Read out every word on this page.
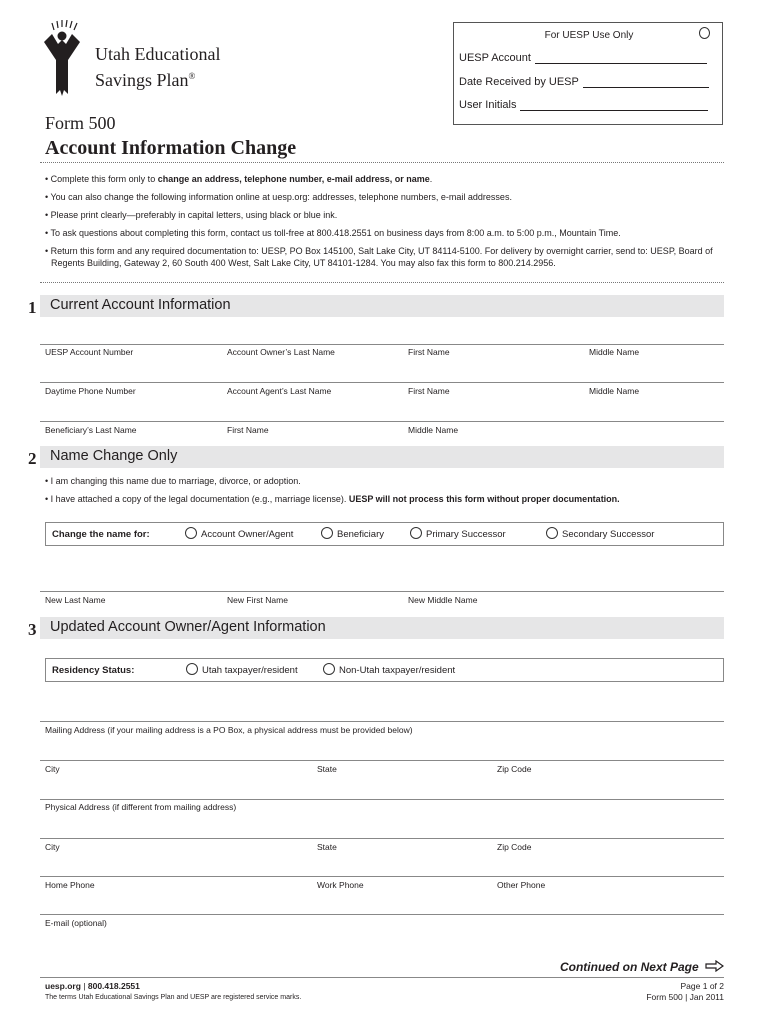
Utah Educational
Savings Plan®
For UESP Use Only
UESP Account
Date Received by UESP
User Initials
Form 500
Account Information Change
• Complete this form only to change an address, telephone number, e-mail address, or name.
• You can also change the following information online at uesp.org: addresses, telephone numbers, e-mail addresses.
• Please print clearly—preferably in capital letters, using black or blue ink.
• To ask questions about completing this form, contact us toll-free at 800.418.2551 on business days from 8:00 a.m. to 5:00 p.m., Mountain Time.
• Return this form and any required documentation to: UESP, PO Box 145100, Salt Lake City, UT 84114-5100. For delivery by overnight carrier, send to: UESP, Board of Regents Building, Gateway 2, 60 South 400 West, Salt Lake City, UT 84101-1284. You may also fax this form to 800.214.2956.
1 Current Account Information
UESP Account Number	Account Owner’s Last Name	First Name	Middle Name
Daytime Phone Number	Account Agent’s Last Name	First Name	Middle Name
Beneficiary’s Last Name	First Name	Middle Name
2 Name Change Only
• I am changing this name due to marriage, divorce, or adoption.
• I have attached a copy of the legal documentation (e.g., marriage license). UESP will not process this form without proper documentation.
Change the name for:	Account Owner/Agent	Beneficiary	Primary Successor	Secondary Successor
New Last Name	New First Name	New Middle Name
3 Updated Account Owner/Agent Information
Residency Status:	Utah taxpayer/resident	Non-Utah taxpayer/resident
Mailing Address (if your mailing address is a PO Box, a physical address must be provided below)
City	State	Zip Code
Physical Address (if different from mailing address)
City	State	Zip Code
Home Phone	Work Phone	Other Phone
E-mail (optional)
Continued on Next Page
uesp.org | 800.418.2551
The terms Utah Educational Savings Plan and UESP are registered service marks.
Page 1 of 2
Form 500 | Jan 2011
